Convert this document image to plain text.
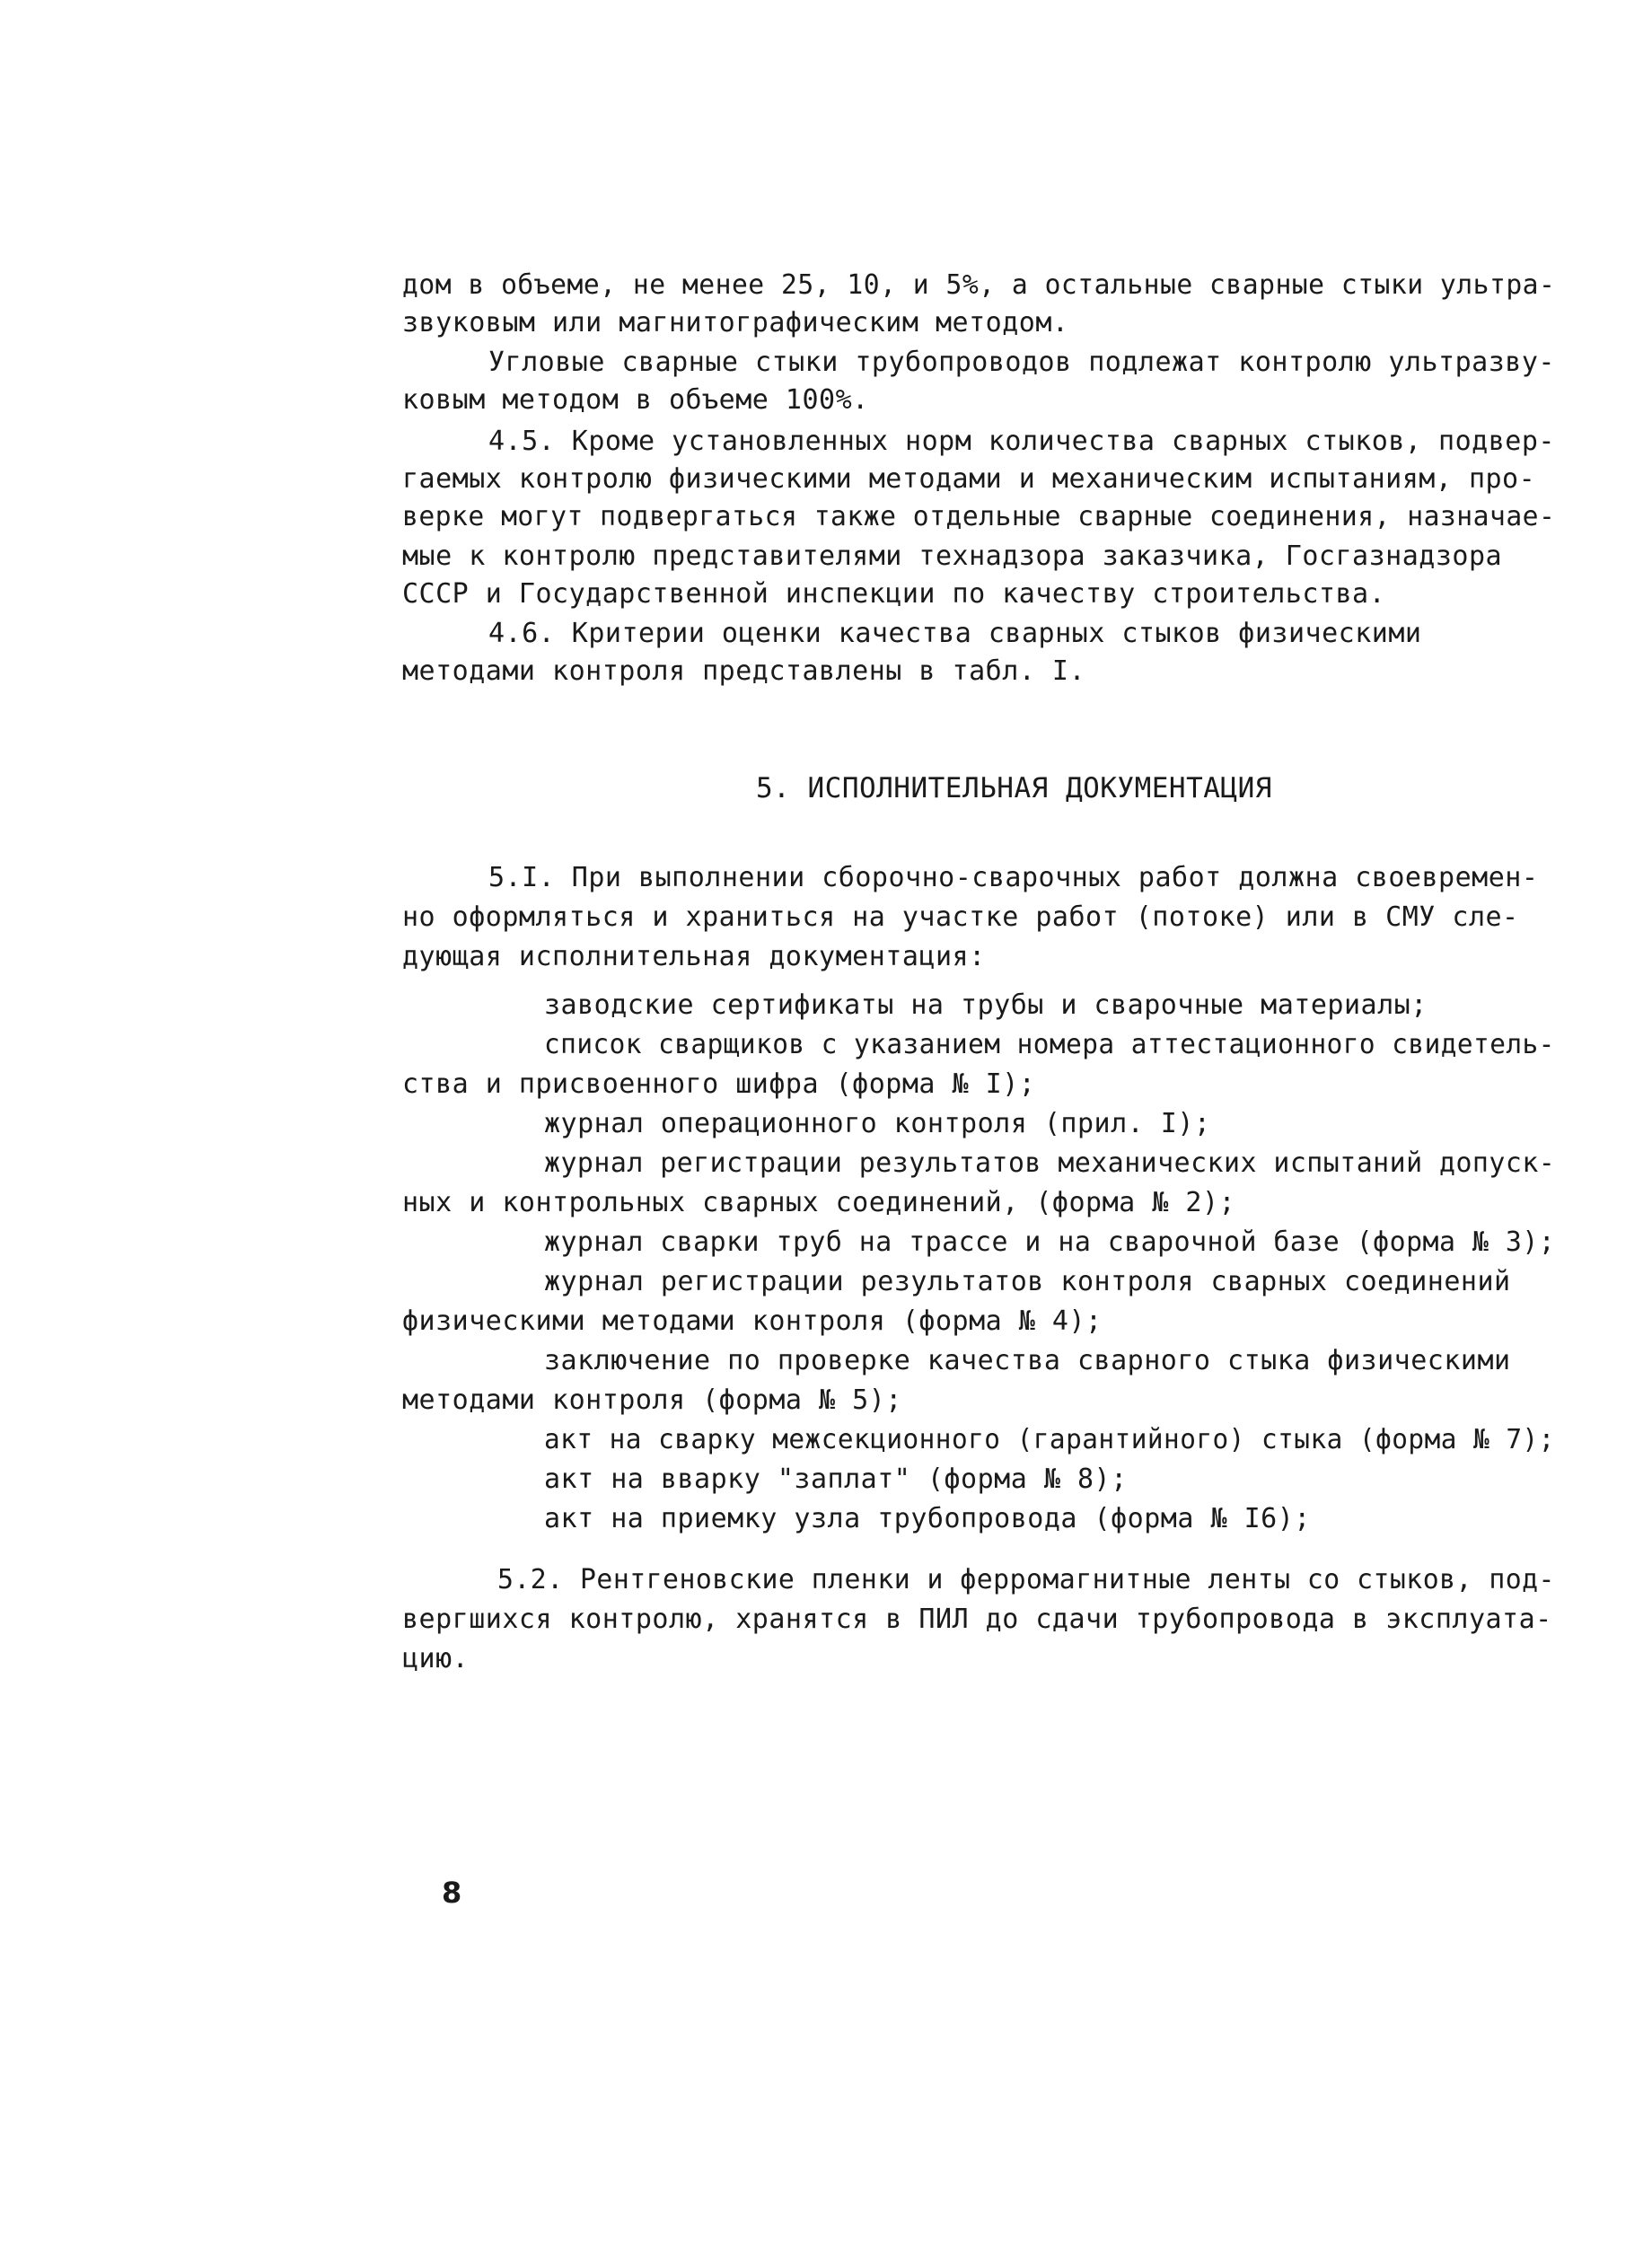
дом в объеме, не менее 25, 10, и 5%, а остальные сварные стыки ультра-
звуковым или магнитографическим методом.
Угловые сварные стыки трубопроводов подлежат контролю ультразву-
ковым методом в объеме 100%.
4.5. Кроме установленных норм количества сварных стыков, подвер-
гаемых контролю физическими методами и механическим испытаниям, про-
верке могут подвергаться также отдельные сварные соединения, назначае-
мые к контролю представителями технадзора заказчика, Госгазнадзора
СССР и Государственной инспекции по качеству строительства.
4.6. Критерии оценки качества сварных стыков физическими
методами контроля представлены в табл. I.
5. ИСПОЛНИТЕЛЬНАЯ ДОКУМЕНТАЦИЯ
5.I. При выполнении сборочно-сварочных работ должна своевремен-
но оформляться и храниться на участке работ (потоке) или в СМУ сле-
дующая исполнительная документация:
заводские сертификаты на трубы и сварочные материалы;
список сварщиков с указанием номера аттестационного свидетель-
ства и присвоенного шифра (форма № I);
журнал операционного контроля (прил. I);
журнал регистрации результатов механических испытаний допуск-
ных и контрольных сварных соединений, (форма № 2);
журнал сварки труб на трассе и на сварочной базе (форма № 3);
журнал регистрации результатов контроля сварных соединений
физическими методами контроля (форма № 4);
заключение по проверке качества сварного стыка физическими
методами контроля (форма № 5);
акт на сварку межсекционного (гарантийного) стыка (форма № 7);
акт на вварку "заплат" (форма № 8);
акт на приемку узла трубопровода (форма № I6);
5.2. Рентгеновские пленки и ферромагнитные ленты со стыков, под-
вергшихся контролю, хранятся в ПИЛ до сдачи трубопровода в эксплуата-
цию.
8
